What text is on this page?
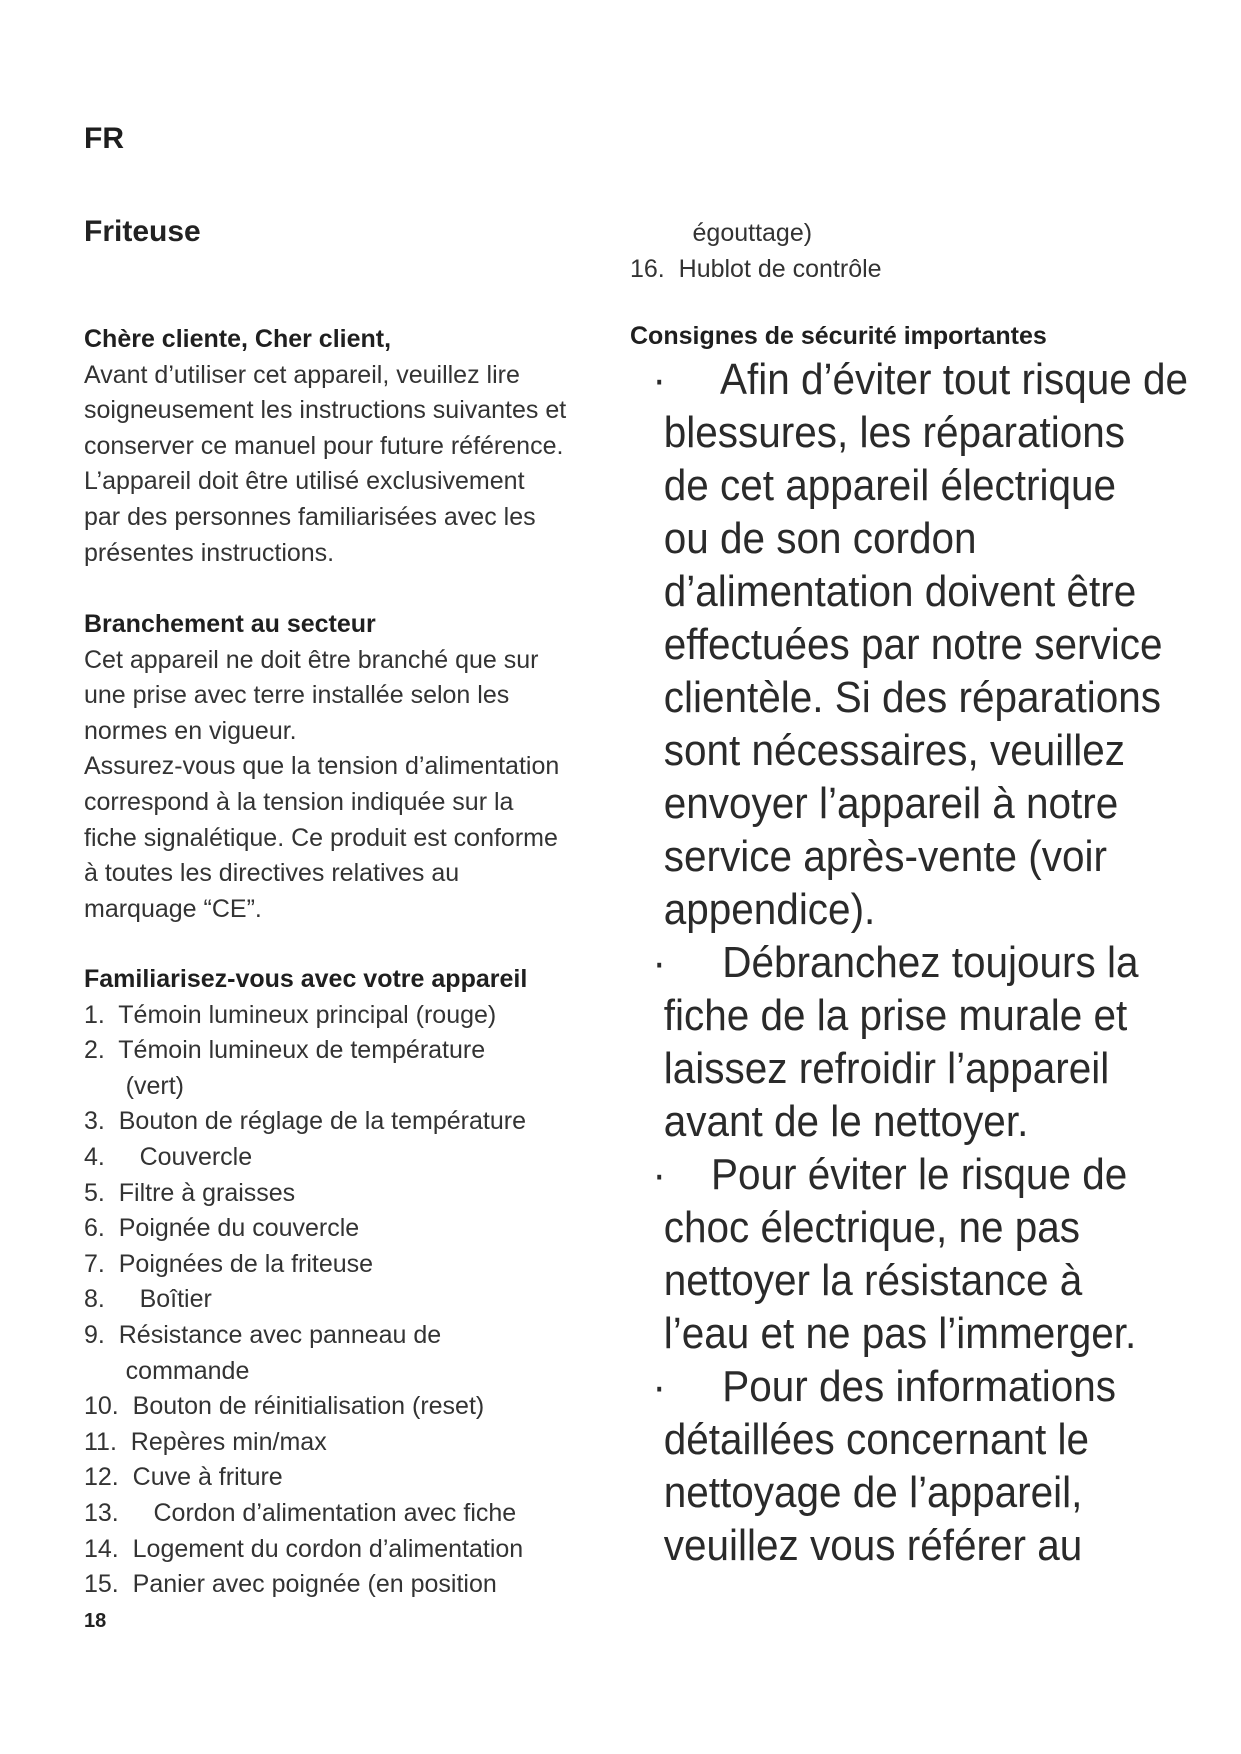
FR
Friteuse
Chère cliente, Cher client,
Avant d’utiliser cet appareil, veuillez lire
soigneusement les instructions suivantes et
conserver ce manuel pour future référence.
L’appareil doit être utilisé exclusivement
par des personnes familiarisées avec les
présentes instructions.
Branchement au secteur
Cet appareil ne doit être branché que sur
une prise avec terre installée selon les
normes en vigueur.
Assurez-vous que la tension d’alimentation
correspond à la tension indiquée sur la
fiche signalétique. Ce produit est conforme
à toutes les directives relatives au
marquage “CE”.
Familiarisez-vous avec votre appareil
1.  Témoin lumineux principal (rouge)
2.  Témoin lumineux de température
(vert)
3.  Bouton de réglage de la température
4.     Couvercle
5.  Filtre à graisses
6.  Poignée du couvercle
7.  Poignées de la friteuse
8.     Boîtier
9.  Résistance avec panneau de
commande
10.  Bouton de réinitialisation (reset)
11.  Repères min/max
12.  Cuve à friture
13.     Cordon d’alimentation avec fiche
14.  Logement du cordon d’alimentation
15.  Panier avec poignée (en position
18
égouttage)
16.  Hublot de contrôle
Consignes de sécurité importantes
·     Afin d’éviter tout risque de
blessures, les réparations
de cet appareil électrique
ou de son cordon
d’alimentation doivent être
effectuées par notre service
clientèle. Si des réparations
sont nécessaires, veuillez
envoyer l’appareil à notre
service après-vente (voir
appendice).
·     Débranchez toujours la
fiche de la prise murale et
laissez refroidir l’appareil
avant de le nettoyer.
·    Pour éviter le risque de
choc électrique, ne pas
nettoyer la résistance à
l’eau et ne pas l’immerger.
·     Pour des informations
détaillées concernant le
nettoyage de l’appareil,
veuillez vous référer au
